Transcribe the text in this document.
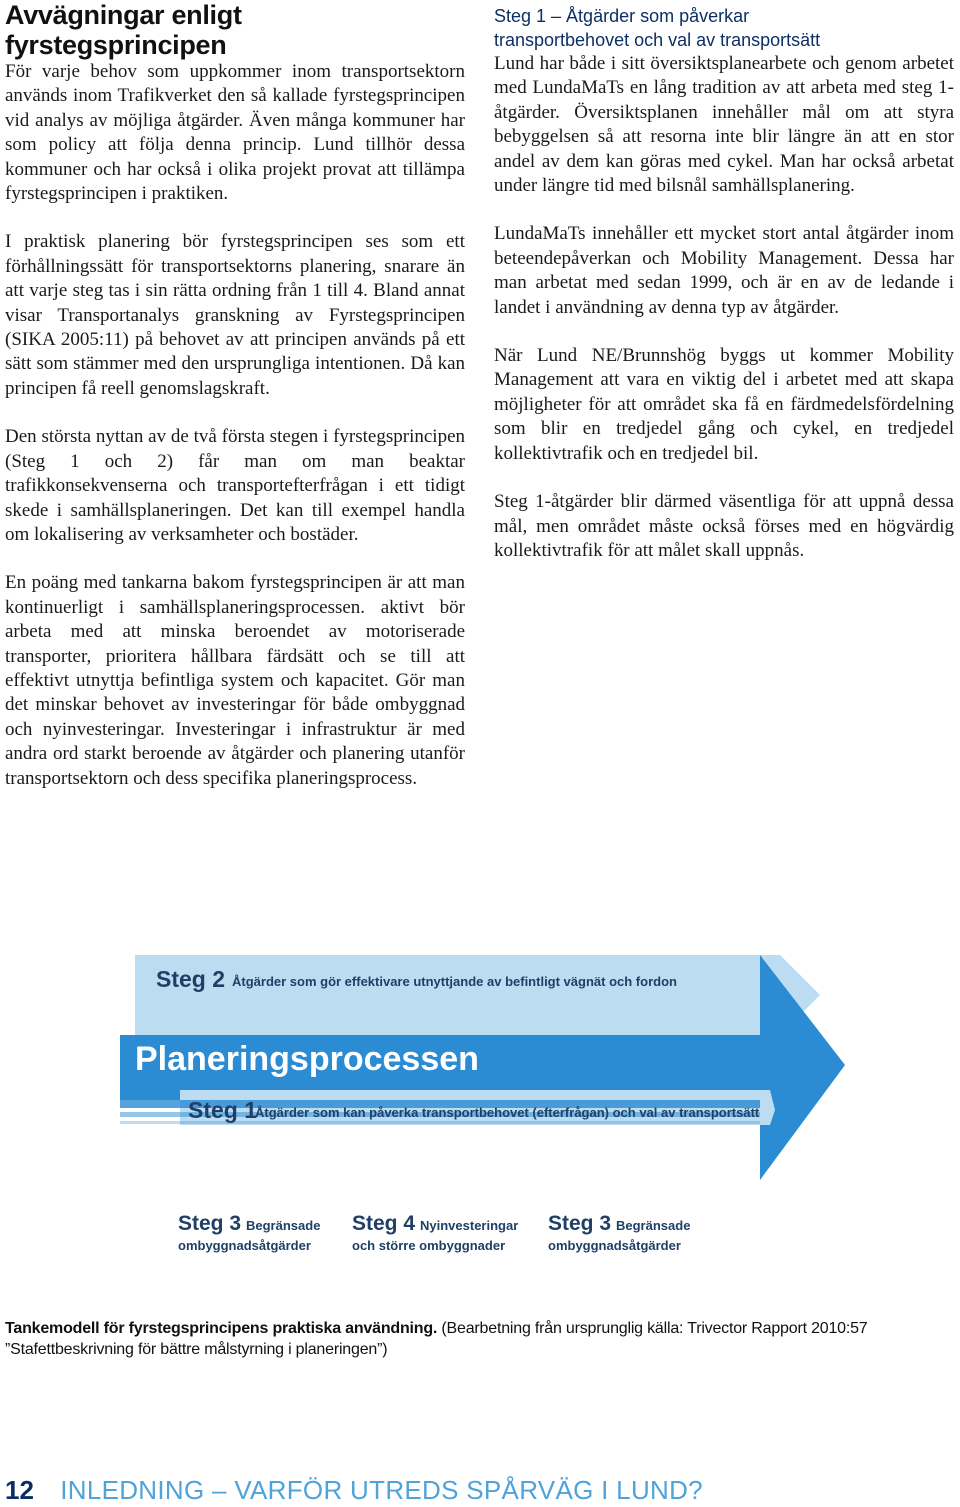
Avvägningar enligt fyrstegsprincipen

För varje behov som uppkommer inom transportsektorn används inom Trafikverket den så kallade fyrstegsprincipen vid analys av möjliga åtgärder. Även många kommuner har som policy att följa denna princip. Lund tillhör dessa kommuner och har också i olika projekt provat att tillämpa fyrstegsprincipen i praktiken.

I praktisk planering bör fyrstegsprincipen ses som ett förhållningssätt för transportsektorns planering, snarare än att varje steg tas i sin rätta ordning från 1 till 4. Bland annat visar Transportanalys granskning av Fyrstegsprincipen (SIKA 2005:11) på behovet av att principen används på ett sätt som stämmer med den ursprungliga intentionen. Då kan principen få reell genomslagskraft.

Den största nyttan av de två första stegen i fyrstegsprincipen (Steg 1 och 2) får man om man beaktar trafikkonsekvenserna och transportefterfrågan i ett tidigt skede i samhällsplaneringen. Det kan till exempel handla om lokalisering av verksamheter och bostäder.

En poäng med tankarna bakom fyrstegsprincipen är att man kontinuerligt i samhällsplaneringsprocessen. aktivt bör arbeta med att minska beroendet av motoriserade transporter, prioritera hållbara färdsätt och se till att effektivt utnyttja befintliga system och kapacitet. Gör man det minskar behovet av investeringar för både ombyggnad och nyinvesteringar. Investeringar i infrastruktur är med andra ord starkt beroende av åtgärder och planering utanför transportsektorn och dess specifika planeringsprocess.

Steg 1 – Åtgärder som påverkar
transportbehovet och val av transportsätt

Lund har både i sitt översiktsplanearbete och genom arbetet med LundaMaTs en lång tradition av att arbeta med steg 1-åtgärder. Översiktsplanen innehåller mål om att styra bebyggelsen så att resorna inte blir längre än att en stor andel av dem kan göras med cykel. Man har också arbetat under längre tid med bilsnål samhällsplanering.

LundaMaTs innehåller ett mycket stort antal åtgärder inom beteendepåverkan och Mobility Management. Dessa har man arbetat med sedan 1999, och är en av de ledande i landet i användning av denna typ av åtgärder.

När Lund NE/Brunnshög byggs ut kommer Mobility Management att vara en viktig del i arbetet med att skapa möjligheter för att området ska få en färdmedelsfördelning som blir en tredjedel gång och cykel, en tredjedel kollektivtrafik och en tredjedel bil.

Steg 1-åtgärder blir därmed väsentliga för att uppnå dessa mål, men området måste också förses med en högvärdig kollektivtrafik för att målet skall uppnås.

Steg 2 Åtgärder som gör effektivare utnyttjande av befintligt vägnät och fordon
Planeringsprocessen
Steg 1
Åtgärder som kan påverka transportbehovet (efterfrågan) och val av transportsätt
Steg 3 Begränsade
ombyggnadsåtgärder
Steg 4 Nyinvesteringar
och större ombyggnader
Steg 3 Begränsade
ombyggnadsåtgärder
Tankemodell för fyrstegsprincipens praktiska användning. (Bearbetning från ursprunglig källa: Trivector Rapport 2010:57 ”Stafettbeskrivning för bättre målstyrning i planeringen”)
12 INLEDNING – VARFÖR UTREDS SPÅRVÄG I LUND?
